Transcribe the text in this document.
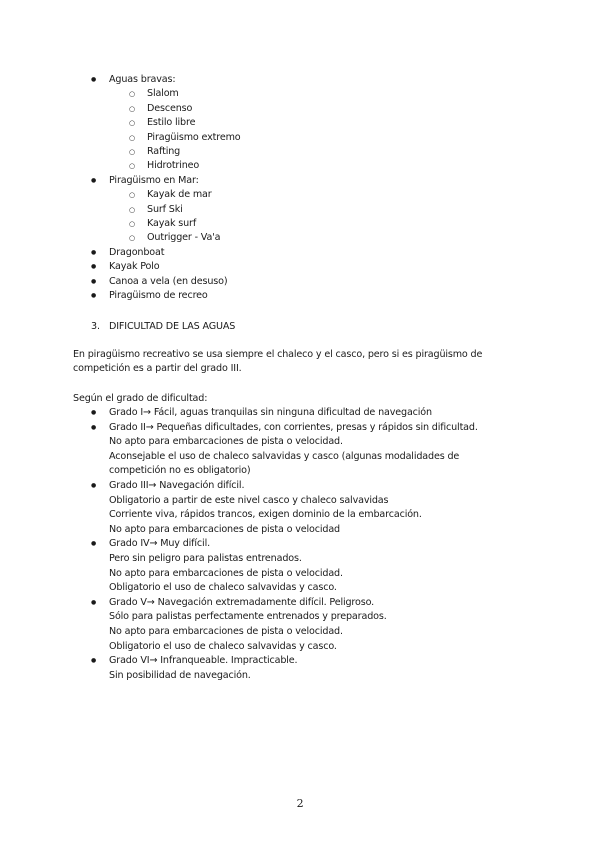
● Aguas bravas:
○ Slalom
○ Descenso
○ Estilo libre
○ Piragüismo extremo
○ Rafting
○ Hidrotrineo
● Piragüismo en Mar:
○ Kayak de mar
○ Surf Ski
○ Kayak surf
○ Outrigger - Va'a
● Dragonboat
● Kayak Polo
● Canoa a vela (en desuso)
● Piragüismo de recreo
3. DIFICULTAD DE LAS AGUAS
En piragüismo recreativo se usa siempre el chaleco y el casco, pero si es piragüismo de competición es a partir del grado III.
Según el grado de dificultad:
● Grado I→ Fácil, aguas tranquilas sin ninguna dificultad de navegación
● Grado II→ Pequeñas dificultades, con corrientes, presas y rápidos sin dificultad.
No apto para embarcaciones de pista o velocidad.
Aconsejable el uso de chaleco salvavidas y casco (algunas modalidades de
competición no es obligatorio)
● Grado III→ Navegación difícil.
Obligatorio a partir de este nivel casco y chaleco salvavidas
Corriente viva, rápidos trancos, exigen dominio de la embarcación.
No apto para embarcaciones de pista o velocidad
● Grado IV→ Muy difícil.
Pero sin peligro para palistas entrenados.
No apto para embarcaciones de pista o velocidad.
Obligatorio el uso de chaleco salvavidas y casco.
● Grado V→ Navegación extremadamente difícil. Peligroso.
Sólo para palistas perfectamente entrenados y preparados.
No apto para embarcaciones de pista o velocidad.
Obligatorio el uso de chaleco salvavidas y casco.
● Grado VI→ Infranqueable. Impracticable.
Sin posibilidad de navegación.
2
